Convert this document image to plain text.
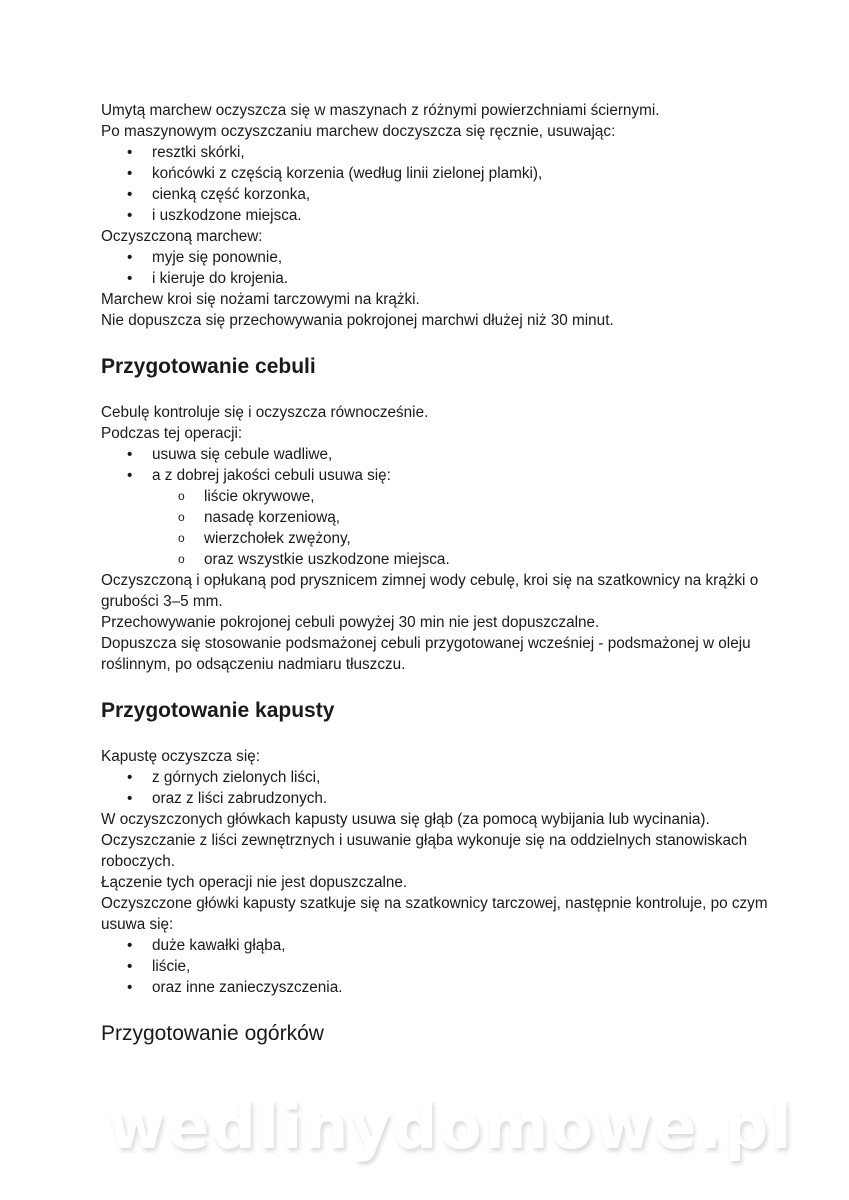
Umytą marchew oczyszcza się w maszynach z różnymi powierzchniami ściernymi.

Po maszynowym oczyszczaniu marchew doczyszcza się ręcznie, usuwając:

• resztki skórki,
• końcówki z częścią korzenia (według linii zielonej plamki),
• cienką część korzonka,
• i uszkodzone miejsca.

Oczyszczoną marchew:

• myje się ponownie,
• i kieruje do krojenia.

Marchew kroi się nożami tarczowymi na krążki.

Nie dopuszcza się przechowywania pokrojonej marchwi dłużej niż 30 minut.

Przygotowanie cebuli

Cebulę kontroluje się i oczyszcza równocześnie.

Podczas tej operacji:

• usuwa się cebule wadliwe,
• a z dobrej jakości cebuli usuwa się:
o liście okrywowe,
o nasadę korzeniową,
o wierzchołek zwężony,
o oraz wszystkie uszkodzone miejsca.

Oczyszczoną i opłukaną pod prysznicem zimnej wody cebulę, kroi się na szatkownicy na krążki o grubości 3–5 mm.

Przechowywanie pokrojonej cebuli powyżej 30 min nie jest dopuszczalne.

Dopuszcza się stosowanie podsmażonej cebuli przygotowanej wcześniej - podsmażonej w oleju roślinnym, po odsączeniu nadmiaru tłuszczu.

Przygotowanie kapusty

Kapustę oczyszcza się:

• z górnych zielonych liści,
• oraz z liści zabrudzonych.

W oczyszczonych główkach kapusty usuwa się głąb (za pomocą wybijania lub wycinania).

Oczyszczanie z liści zewnętrznych i usuwanie głąba wykonuje się na oddzielnych stanowiskach roboczych.

Łączenie tych operacji nie jest dopuszczalne.

Oczyszczone główki kapusty szatkuje się na szatkownicy tarczowej, następnie kontroluje, po czym usuwa się:

• duże kawałki głąba,
• liście,
• oraz inne zanieczyszczenia.
Przygotowanie ogórków
wedlinydomowe.pl
